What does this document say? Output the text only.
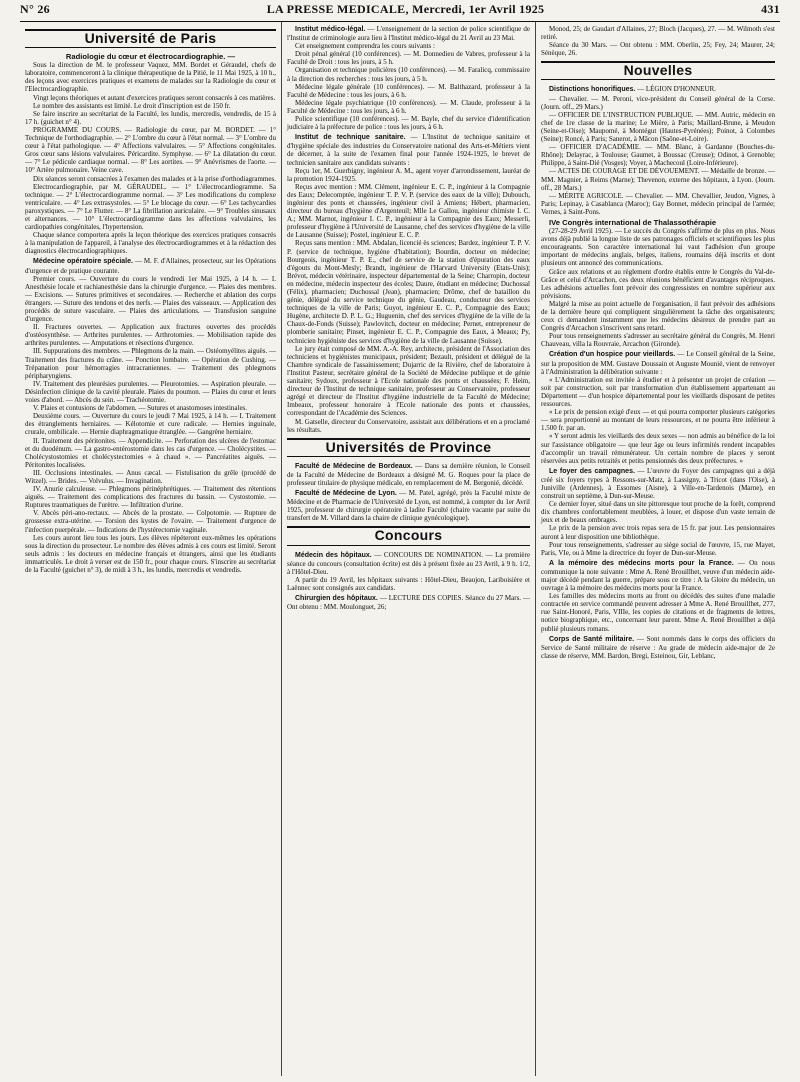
N° 26	LA PRESSE MEDICALE, Mercredi, 1er Avril 1925	431
Université de Paris

Radiologie du cœur et électrocardiographie. —

Sous la direction de M. le professeur Vaquez, MM. Bordet et Géraudel, chefs de laboratoire, commenceront à la clinique thérapeutique de la Pitié, le 11 Mai 1925, à 10 h., des leçons avec exercices pratiques et examens de malades sur la Radiologie du cœur et l'Electrocardiographie.

Vingt leçons théoriques et autant d'exercices pratiques seront consacrés à ces matières.

Le nombre des assistants est limité. Le droit d'inscription est de 150 fr.

Se faire inscrire au secrétariat de la Faculté, les lundis, mercredis, vendredis, de 15 à 17 h. (guichet n° 4).

PROGRAMME DU COURS. — Radiologie du cœur, par M. BORDET. — 1° Technique de l'orthodiagraphie. — 2° L'ombre du cœur à l'état normal. — 3° L'ombre du cœur à l'état pathologique. — 4° Affections valvulaires. — 5° Affections congénitales. Gros cœur sans lésions valvulaires. Péricardite. Symphyse. — 6° La dilatation du cœur. — 7° Le pédicule cardiaque normal. — 8° Les aortites. — 9° Anévrismes de l'aorte. — 10° Artère pulmonaire. Veine cave.

Dix séances seront consacrées à l'examen des malades et à la prise d'orthodiagrammes.

Electrocardiographie, par M. GÉRAUDEL. — 1° L'électrocardiogramme. Sa technique. — 2° L'électrocardiogramme normal. — 3° Les modifications du complexe ventriculaire. — 4° Les extrasystoles. — 5° Le blocage du cœur. — 6° Les tachycardies paroxystiques. — 7° Le Flutter. — 8° La fibrillation auriculaire. — 9° Troubles sinusaux et alternances. — 10° L'électrocardiogramme dans les affections valvulaires, les cardiopathies congénitales, l'hypertension.

Chaque séance comportera après la leçon théorique des exercices pratiques consacrés à la manipulation de l'appareil, à l'analyse des électrocardiogrammes et à la rédaction des diagnostics électrocardiographiques.

Médecine opératoire spéciale. — M. F. d'Allaines, prosecteur, sur les Opérations d'urgence et de pratique courante.

Premier cours. — Ouverture du cours le vendredi 1er Mai 1925, à 14 h. — I. Anesthésie locale et rachianesthésie dans la chirurgie d'urgence. — Plaies des membres. — Excisions. — Sutures primitives et secondaires. — Recherche et ablation des corps étrangers. — Suture des tendons et des nerfs. — Plaies des vaisseaux. — Application des procédés de suture vasculaire. — Plaies des articulations. — Transfusion sanguine d'urgence.

II. Fractures ouvertes. — Application aux fractures ouvertes des procédés d'ostéosynthèse. — Arthrites purulentes. — Arthrotomies. — Mobilisation rapide des arthrites purulentes. — Amputations et résections d'urgence.

III. Suppurations des membres. — Phlegmons de la main. — Ostéomyélites aiguës. — Traitement des fractures du crâne. — Ponction lombaire. — Opération de Cushing. — Trépanation pour hémorragies intracraniennes. — Traitement des phlegmons péripharyngiens.

IV. Traitement des pleurésies purulentes. — Pleurotomies. — Aspiration pleurale. — Désinfection clinique de la cavité pleurale. Plaies du poumon. — Plaies du cœur et leurs voies d'abord. — Abcès du sein. — Trachéotomie.

V. Plaies et contusions de l'abdomen. — Sutures et anastomoses intestinales.

Deuxième cours. — Ouverture du cours le jeudi 7 Mai 1925, à 14 h. — I. Traitement des étranglements herniaires. — Kélotomie et cure radicale. — Hernies inguinale, crurale, ombilicale. — Hernie diaphragmatique étranglée. — Gangrène herniaire.

II. Traitement des péritonites. — Appendicite. — Perforation des ulcères de l'estomac et du duodénum. — La gastro-entérostomie dans les cas d'urgence. — Cholécystites. — Cholécystostomies et cholécystectomies « à chaud ». — Pancréatites aiguës. — Péritonites localisées.

III. Occlusions intestinales. — Anus cæcal. — Fistulisation du grêle (procédé de Witzel). — Brides. — Volvulus. — Invagination.

IV. Anurie calculeuse. — Phlegmons périnéphrétiques. — Traitement des rétentions aiguës. — Traitement des complications des fractures du bassin. — Cystostomie. — Ruptures traumatiques de l'urètre. — Infiltration d'urine.

V. Abcès péri-ano-rectaux. — Abcès de la prostate. — Colpotomie. — Rupture de grossesse extra-utérine. — Torsion des kystes de l'ovaire. — Traitement d'urgence de l'infection puerpérale. — Indications de l'hystérectomie vaginale.

Les cours auront lieu tous les jours. Les élèves répéteront eux-mêmes les opérations sous la direction du prosecteur. Le nombre des élèves admis à ces cours est limité. Seront seuls admis : les docteurs en médecine français et étrangers, ainsi que les étudiants immatriculés. Le droit à verser est de 150 fr., pour chaque cours. S'inscrire au secrétariat de la Faculté (guichet n° 3), de midi à 3 h., les lundis, mercredis et vendredis.

Institut médico-légal. — L'enseignement de la section de police scientifique de l'Institut de criminologie aura lieu à l'Institut médico-légal du 21 Avril au 23 Mai.

Cet enseignement comprendra les cours suivants :

Droit pénal général (10 conférences). — M. Donnedieu de Vabres, professeur à la Faculté de Droit : tous les jours, à 5 h.

Organisation et technique policières (10 conférences). — M. Faralicq, commissaire à la direction des recherches : tous les jours, à 5 h.

Médecine légale générale (10 conférences). — M. Balthazard, professeur à la Faculté de Médecine : tous les jours, à 6 h.

Médecine légale psychiatrique (10 conférences). — M. Claude, professeur à la Faculté de Médecine : tous les jours, à 6 h.

Police scientifique (10 conférences). — M. Bayle, chef du service d'identification judiciaire à la préfecture de police : tous les jours, à 6 h.

Institut de technique sanitaire. — L'Institut de technique sanitaire et d'hygiène spéciale des industries du Conservatoire national des Arts-et-Métiers vient de décerner, à la suite de l'examen final pour l'année 1924-1925, le brevet de technicien sanitaire aux candidats suivants :

Reçu 1er, M. Guerbigny, ingénieur A. M., agent voyer d'arrondissement, lauréat de la promotion 1924-1925.

Reçus avec mention : MM. Clément, ingénieur E. C. P., ingénieur à la Compagnie des Eaux; Delecomptée, ingénieur T. P. V. P. (service des eaux de la ville); Dubouch, ingénieur des ponts et chaussées, ingénieur civil à Amiens; Hébert, pharmacien, directeur du bureau d'hygiène d'Argenteuil; Mlle Le Gallou, ingénieur chimiste I. C. A.; MM. Marnot, ingénieur I. C. P., ingénieur à la Compagnie des Eaux; Messerli, professeur d'hygiène à l'Université de Lausanne, chef des services d'hygiène de la ville de Lausanne (Suisse); Postel, ingénieur E. C. P.

Reçus sans mention : MM. Abdalan, licencié ès sciences; Bardez, ingénieur T. P. V. P. (service de technique, hygiène d'habitation); Bourdin, docteur en médecine; Bourgeois, ingénieur T. P. E., chef de service de la station d'épuration des eaux d'égouts du Mont-Mesly; Brandt, ingénieur de l'Harvard University (Etats-Unis); Brévot, médecin vétérinaire, inspecteur départemental de la Seine; Charropin, docteur en médecine, médecin inspecteur des écoles; Daure, étudiant en médecine; Duchossal (Félix), pharmacien; Duchossal (Jean), pharmacien; Drôme, chef de bataillon du génie, délégué du service technique du génie, Gaudeau, conducteur des services techniques de la ville de Paris; Guyot, ingénieur E. C. P., Compagnie des Eaux; Hugène, architecte D. P. L. G.; Huguenin, chef des services d'hygiène de la ville de la Chaux-de-Fonds (Suisse); Pawlovitch, docteur en médecine; Pernet, entrepreneur de plomberie sanitaire; Pinset, ingénieur E. C. P., Compagnie des Eaux, à Meaux; Py, technicien hygiéniste des services d'hygiène de la ville de Lausanne (Suisse).

Le jury était composé de MM. A.-A. Rey, architecte, président de l'Association des techniciens et hygiénistes municipaux, président; Bezault, président et délégué de la Chambre syndicale de l'assainissement; Dujarric de la Rivière, chef de laboratoire à l'Institut Pasteur, secrétaire général de la Société de Médecine publique et de génie sanitaire; Sydoux, professeur à l'Ecole nationale des ponts et chaussées; F. Heim, directeur de l'Institut de technique sanitaire, professeur au Conservatoire, professeur agrégé et directeur de l'Institut d'hygiène industrielle de la Faculté de Médecine; Imbeaux, professeur honoraire à l'Ecole nationale des ponts et chaussées, correspondant de l'Académie des Sciences.

M. Gatselle, directeur du Conservatoire, assistait aux délibérations et en a proclamé les résultats.

Universités de Province

Faculté de Médecine de Bordeaux. — Dans sa dernière réunion, le Conseil de la Faculté de Médecine de Bordeaux a désigné M. G. Roques pour la place de professeur titulaire de physique médicale, en remplacement de M. Bergonié, décédé.

Faculté de Médecine de Lyon. — M. Patel, agrégé, près la Faculté mixte de Médecine et de Pharmacie de l'Université de Lyon, est nommé, à compter du 1er Avril 1925, professeur de chirurgie opératoire à ladite Faculté (chaire vacante par suite du transfert de M. Villard dans la chaire de clinique gynécologique).

Concours

Médecin des hôpitaux. — CONCOURS DE NOMINATION. — La première séance du concours (consultation écrite) est dès à présent fixée au 23 Avril, à 9 h. 1/2, à l'Hôtel-Dieu.

A partir du 19 Avril, les hôpitaux suivants : Hôtel-Dieu, Beaujon, Lariboisière et Laënnec sont consignés aux candidats.

Chirurgien des hôpitaux. — LECTURE DES COPIES. Séance du 27 Mars. — Ont obtenu : MM. Moulonguet, 26;

Monod, 25; de Gaudart d'Allaines, 27; Bloch (Jacques), 27. — M. Wilmoth s'est retiré.

Séance du 30 Mars. — Ont obtenu : MM. Oberlin, 25; Fey, 24; Maurer, 24; Sénèque, 26.

Nouvelles

Distinctions honorifiques. — LÉGION D'HONNEUR.

— Chevalier. — M. Peroni, vice-président du Conseil général de la Corse. (Journ. off., 29 Mars.)

— OFFICIER DE L'INSTRUCTION PUBLIQUE. — MM. Autric, médecin en chef de 1re classe de la marine; Le Mière, à Paris; Maillard-Brune, à Meudon (Seine-et-Oise); Maupomé, à Montégut (Hautes-Pyrénées); Poinot, à Colombes (Seine); Roncé, à Paris; Sanerot, à Mâcon (Saône-et-Loire).

— OFFICIER D'ACADÉMIE. — MM. Blanc, à Gardanne (Bouches-du-Rhône); Delayrac, à Toulouse; Gaumet, à Boussac (Creuse); Odinot, à Grenoble; Philippe, à Saint-Dié (Vosges); Voyer, à Machecoul (Loire-Inférieure).

— ACTES DE COURAGE ET DE DÉVOUEMENT. — Médaille de bronze. — MM. Magnier, à Reims (Marne); Thevenon, externe des hôpitaux, à Lyon. (Journ. off., 28 Mars.)

— MÉRITE AGRICOLE. — Chevalier. — MM. Chevallier, Jeudon, Vignes, à Paris; Lepinay, à Casablanca (Maroc); Gay Bonnet, médecin principal de l'armée; Vernes, à Saint-Pons.

IVe Congrès international de Thalassothérapie

(27-28-29 Avril 1925). — Le succès du Congrès s'affirme de plus en plus. Nous avons déjà publié la longue liste de ses patronages officiels et scientifiques les plus encourageants. Son caractère international lui vaut l'adhésion d'un groupe important de médecins anglais, belges, italiens, roumains déjà inscrits et dont plusieurs ont annoncé des communications.

Grâce aux relations et au règlement d'ordre établis entre le Congrès du Val-de-Grâce et celui d'Arcachon, ces deux réunions bénéficient d'avantages réciproques. Les adhésions actuelles font prévoir des congressistes en nombre supérieur aux prévisions.

Malgré la mise au point actuelle de l'organisation, il faut prévoir des adhésions de la dernière heure qui compliquent singulièrement la tâche des organisateurs; ceux ci demandent instamment que les médecins désireux de prendre part au Congrès d'Arcachon s'inscrivent sans retard.

Pour tous renseignements s'adresser au secrétaire général du Congrès, M. Henri Chauveau, villa la Rouvraie, Arcachon (Gironde).

Création d'un hospice pour vieillards. — Le Conseil général de la Seine, sur la proposition de MM. Gustave Doussain et Auguste Mounié, vient de renvoyer à l'Administration la délibération suivante :

« L'Administration est invitée à étudier et à présenter un projet de création — soit par construction, soit par transformation d'un établissement appartenant au Département — d'un hospice départemental pour les vieillards disposant de petites ressources.

« Le prix de pension exigé d'eux — et qui pourra comporter plusieurs catégories — sera proportionné au montant de leurs ressources, et ne pourra être inférieur à 1.500 fr. par an.

« Y seront admis les vieillards des deux sexes — non admis au bénéfice de la loi sur l'assistance obligatoire — que leur âge ou leurs infirmités rendent incapables d'accomplir un travail rémunérateur. Un certain nombre de places y seront réservées aux petits retraités et petits pensionnés des deux préfectures. »

Le foyer des campagnes. — L'œuvre du Foyer des campagnes qui a déjà créé six foyers types à Ressons-sur-Matz, à Lassigny, à Tricot (dans l'Oise), à Juniville (Ardennes), à Essomes (Aisne), à Ville-en-Tardenois (Marne), en construit un septième, à Dun-sur-Meuse.

Ce dernier foyer, situé dans un site pittoresque tout proche de la forêt, comprend dix chambres confortablement meublées, à louer, et dispose d'un vaste terrain de jeux et de beaux ombrages.

Le prix de la pension avec trois repas sera de 15 fr. par jour. Les pensionnaires auront à leur disposition une bibliothèque.

Pour tous renseignements, s'adresser au siège social de l'œuvre, 15, rue Mayet, Paris, VIe, ou à Mme la directrice du foyer de Dun-sur-Meuse.

A la mémoire des médecins morts pour la France. — On nous communique la note suivante : Mme A. René Brouillhet, veuve d'un médecin aide-major décédé pendant la guerre, prépare sous ce titre : A la Gloire du médecin, un ouvrage à la mémoire des médecins morts pour la France.

Les familles des médecins morts au front ou décédés des suites d'une maladie contractée en service commandé peuvent adresser à Mme A. René Brouillhet, 277, rue Saint-Honoré, Paris, VIIIe, les copies de citations et de fragments de lettres, notice biographique, etc., concernant leur parent. Mme A. René Brouillhet a déjà publié plusieurs romans.

Corps de Santé militaire. — Sont nommés dans le corps des officiers du Service de Santé militaire de réserve : Au grade de médecin aide-major de 2e classe de réserve, MM. Bardon, Bregi, Esteinou, Gir, Leblanc,
